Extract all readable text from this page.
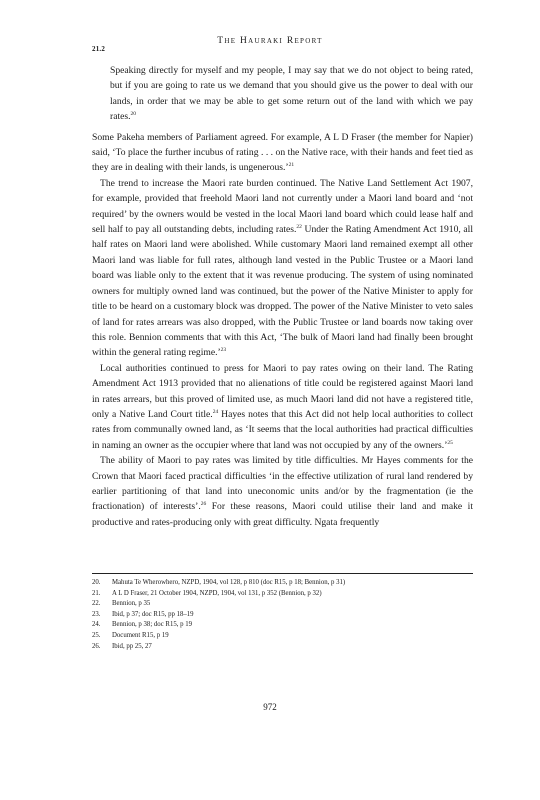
21.2
The Hauraki Report

Speaking directly for myself and my people, I may say that we do not object to being rated, but if you are going to rate us we demand that you should give us the power to deal with our lands, in order that we may be able to get some return out of the land with which we pay rates.$^{20}$

Some Pakeha members of Parliament agreed. For example, A L D Fraser (the member for Napier) said, ‘To place the further incubus of rating . . . on the Native race, with their hands and feet tied as they are in dealing with their lands, is ungenerous.’$^{21}$

The trend to increase the Maori rate burden continued. The Native Land Settlement Act 1907, for example, provided that freehold Maori land not currently under a Maori land board and ‘not required’ by the owners would be vested in the local Maori land board which could lease half and sell half to pay all outstanding debts, including rates.$^{22}$ Under the Rating Amendment Act 1910, all half rates on Maori land were abolished. While customary Maori land remained exempt all other Maori land was liable for full rates, although land vested in the Public Trustee or a Maori land board was liable only to the extent that it was revenue producing. The system of using nominated owners for multiply owned land was continued, but the power of the Native Minister to apply for title to be heard on a customary block was dropped. The power of the Native Minister to veto sales of land for rates arrears was also dropped, with the Public Trustee or land boards now taking over this role. Bennion comments that with this Act, ‘The bulk of Maori land had finally been brought within the general rating regime.’$^{23}$

Local authorities continued to press for Maori to pay rates owing on their land. The Rating Amendment Act 1913 provided that no alienations of title could be registered against Maori land in rates arrears, but this proved of limited use, as much Maori land did not have a registered title, only a Native Land Court title.$^{24}$ Hayes notes that this Act did not help local authorities to collect rates from communally owned land, as ‘It seems that the local authorities had practical difficulties in naming an owner as the occupier where that land was not occupied by any of the owners.’$^{25}$

The ability of Maori to pay rates was limited by title difficulties. Mr Hayes comments for the Crown that Maori faced practical difficulties ‘in the effective utilization of rural land rendered by earlier partitioning of that land into uneconomic units and/or by the fragmentation (ie the fractionation) of interests’.$^{26}$ For these reasons, Maori could utilise their land and make it productive and rates-producing only with great difficulty. Ngata frequently

20. Mahuta Te Wherowhero, NZPD, 1904, vol 128, p 810 (doc R15, p 18; Bennion, p 31)
21. A L D Fraser, 21 October 1904, NZPD, 1904, vol 131, p 352 (Bennion, p 32)
22. Bennion, p 35
23. Ibid, p 37; doc R15, pp 18–19
24. Bennion, p 38; doc R15, p 19
25. Document R15, p 19
26. Ibid, pp 25, 27
972
